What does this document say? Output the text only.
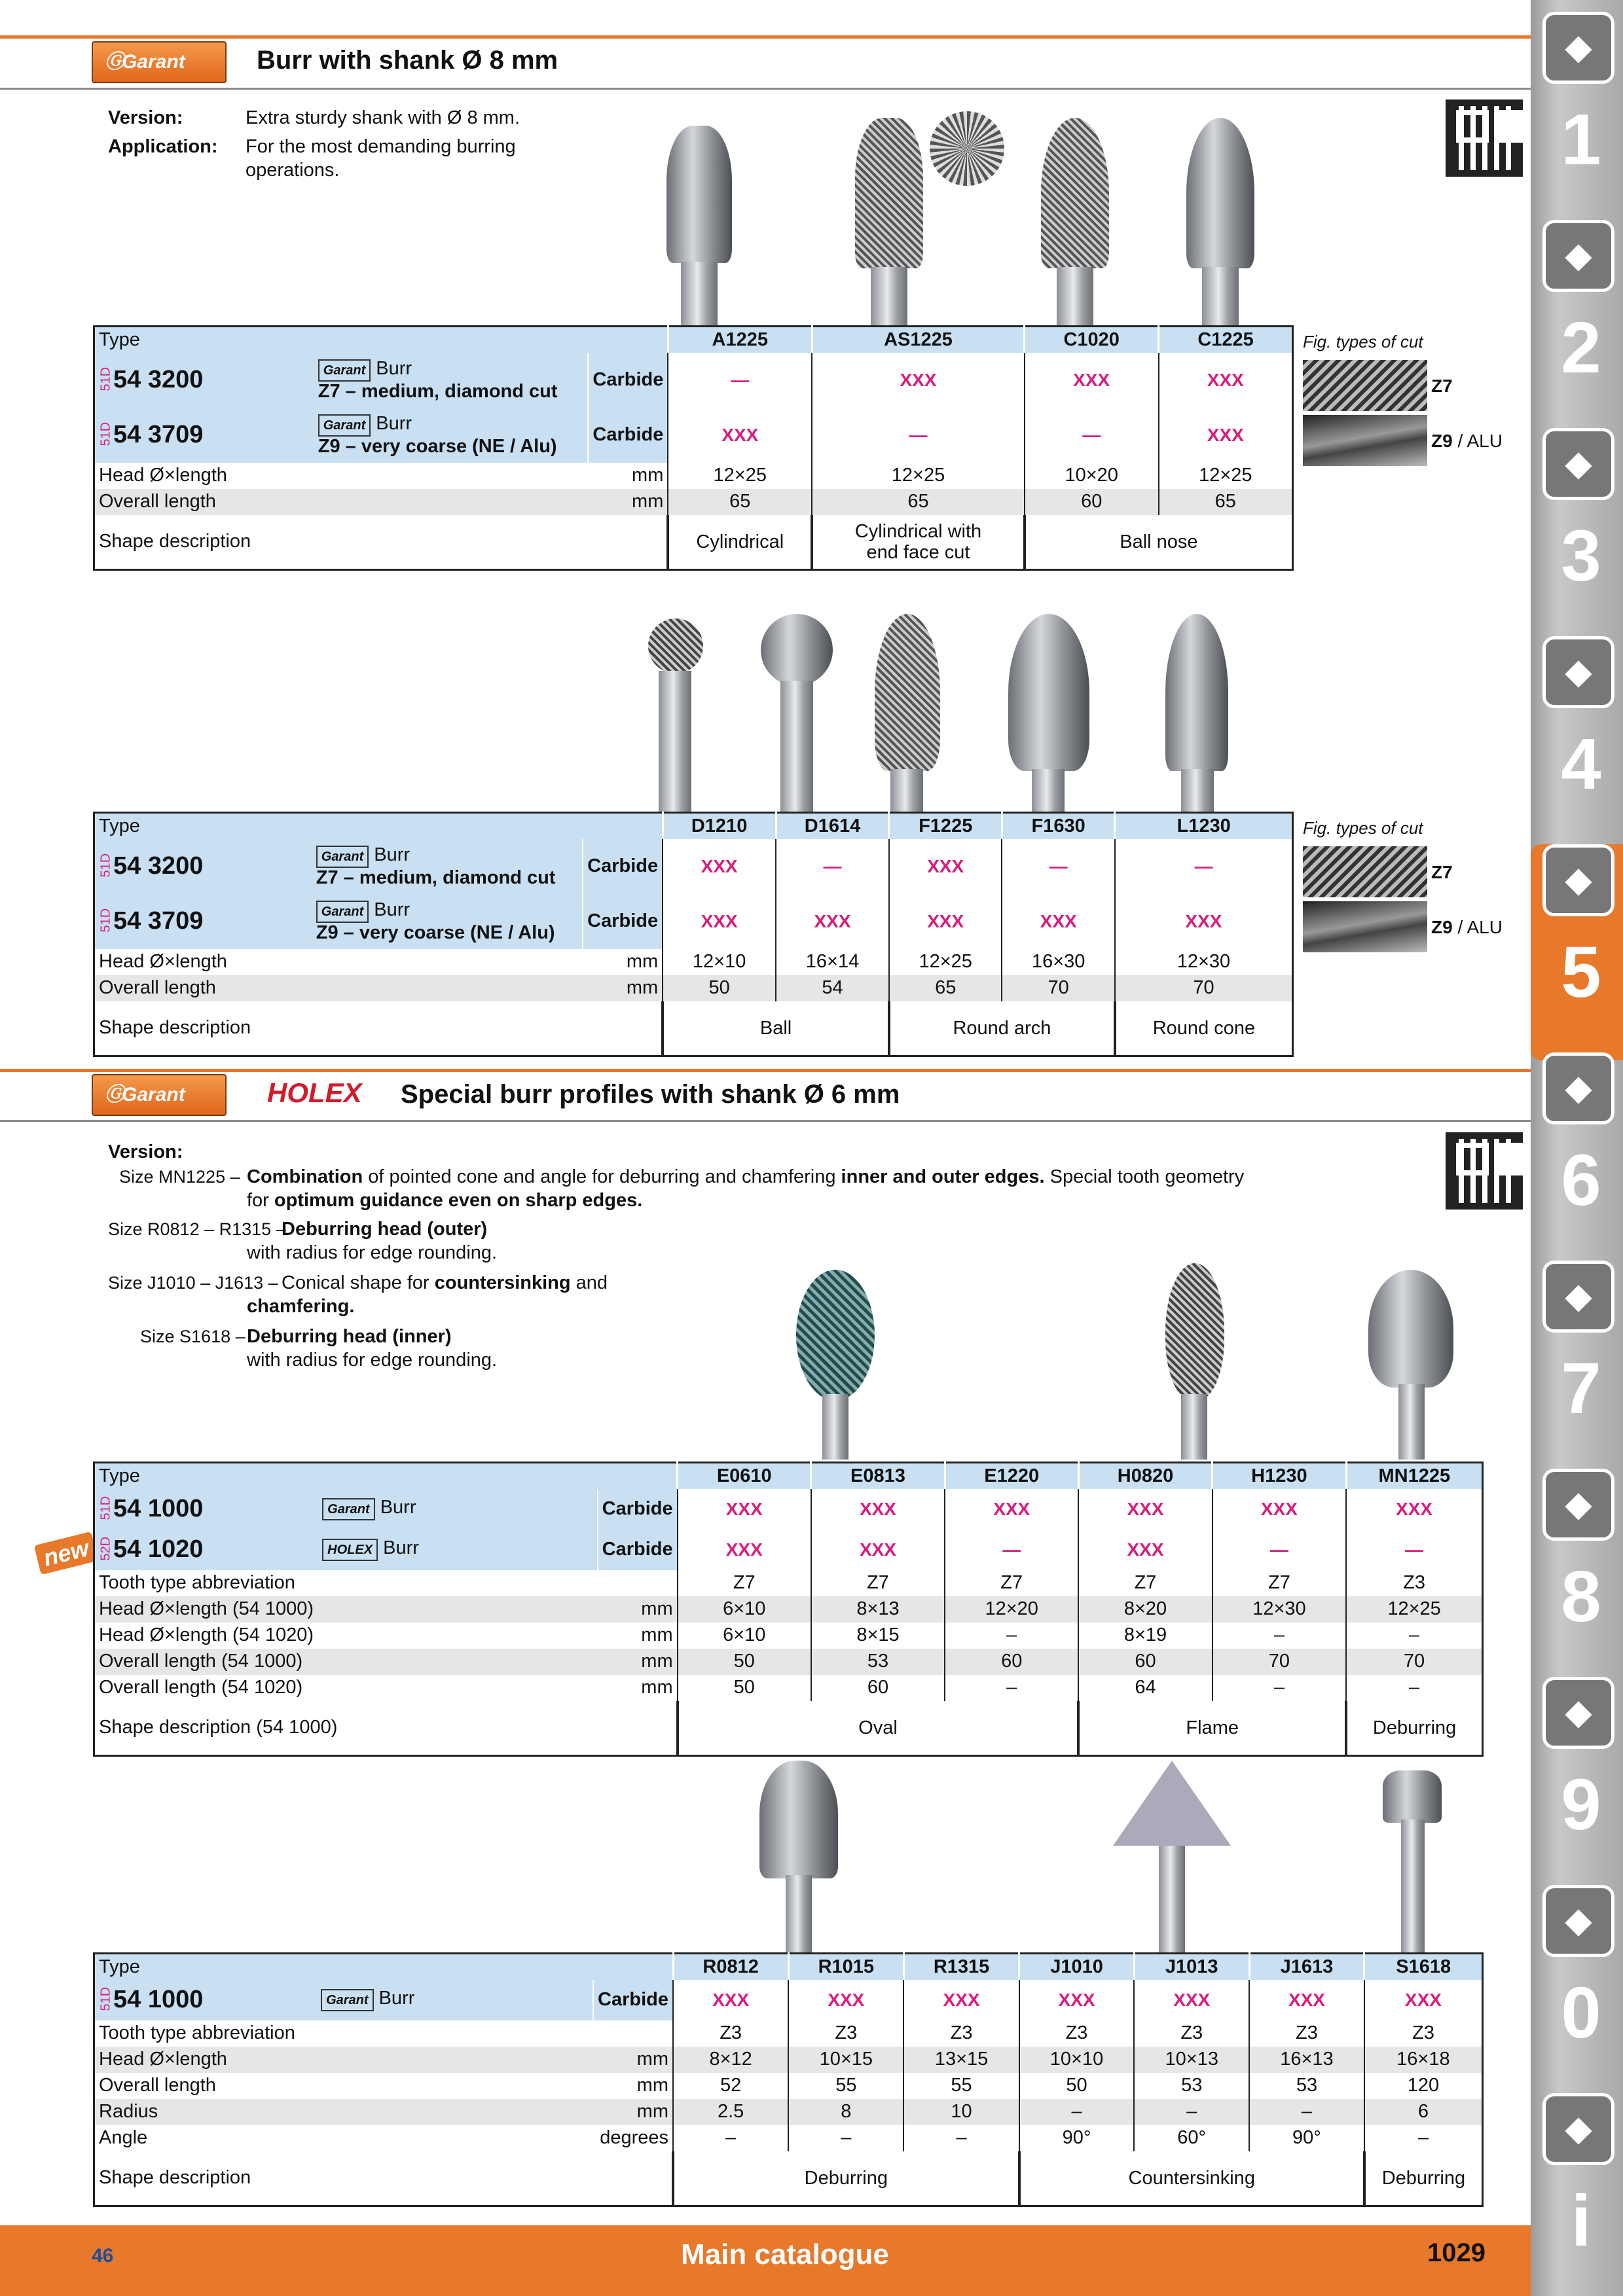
◆
1
◆
2
◆
3
◆
4
◆
5
◆
6
◆
7
◆
8
◆
9
◆
0
◆
i
ⒼGarant	Burr with shank Ø 8 mm
Version:	Extra sturdy shank with Ø 8 mm.
Application: For the most demanding burring operations.
Type			A1225	AS1225	C1020	C1225
51D54 3200	Garant Burr
Z7 – medium, diamond cut	Carbide	—	XXX	XXX	XXX
51D54 3709	Garant Burr
Z9 – very coarse (NE / Alu)	Carbide	XXX	—	—	XXX
Head Ø×length		mm	12×25	12×25	10×20	12×25
Overall length		mm	65	65	60	65
Shape description			Cylindrical	Cylindrical with
end face cut	Ball nose	
Fig. types of cut
Z7
Z9 / ALU
Type			D1210	D1614	F1225	F1630	L1230
51D54 3200	Garant Burr
Z7 – medium, diamond cut	Carbide	XXX	—	XXX	—	—
51D54 3709	Garant Burr
Z9 – very coarse (NE / Alu)	Carbide	XXX	XXX	XXX	XXX	XXX
Head Ø×length		mm	12×10	16×14	12×25	16×30	12×30
Overall length		mm	50	54	65	70	70
Shape description			Ball		Round arch		Round cone
Fig. types of cut
Z7
Z9 / ALU
ⒼGarant	HOLEX Special burr profiles with shank Ø 6 mm
Version:
Size MN1225 – Combination of pointed cone and angle for deburring and chamfering inner and outer edges. Special tooth geometry
for optimum guidance even on sharp edges.
Size R0812 – R1315 –
Deburring head (outer)
with radius for edge rounding.
Size J1010 – J1613 – Conical shape for countersinking and
chamfering.
Size S1618 – Deburring head (inner)
with radius for edge rounding.
new
Type			E0610	E0813	E1220	H0820	H1230	MN1225
51D54 1000	Garant Burr	Carbide	XXX	XXX	XXX	XXX	XXX	XXX
52D54 1020	HOLEX Burr	Carbide	XXX	XXX	—	XXX	—	—
Tooth type abbreviation			Z7	Z7	Z7	Z7	Z7	Z3
Head Ø×length (54 1000)		mm	6×10	8×13	12×20	8×20	12×30	12×25
Head Ø×length (54 1020)		mm	6×10	8×15	–	8×19	–	–
Overall length (54 1000)		mm	50	53	60	60	70	70
Overall length (54 1020)		mm	50	60	–	64	–	–
Shape description (54 1000)			Oval			Flame		Deburring
Type			R0812	R1015	R1315	J1010	J1013	J1613	S1618
51D54 1000	Garant Burr	Carbide	XXX	XXX	XXX	XXX	XXX	XXX	XXX
Tooth type abbreviation			Z3	Z3	Z3	Z3	Z3	Z3	Z3
Head Ø×length		mm	8×12	10×15	13×15	10×10	10×13	16×13	16×18
Overall length		mm	52	55	55	50	53	53	120
Radius		mm	2.5	8	10	–	–	–	6
Angle		degrees	–	–	–	90°	60°	90°	–
Shape description			Deburring			Countersinking			Deburring
46	Main catalogue	1029
